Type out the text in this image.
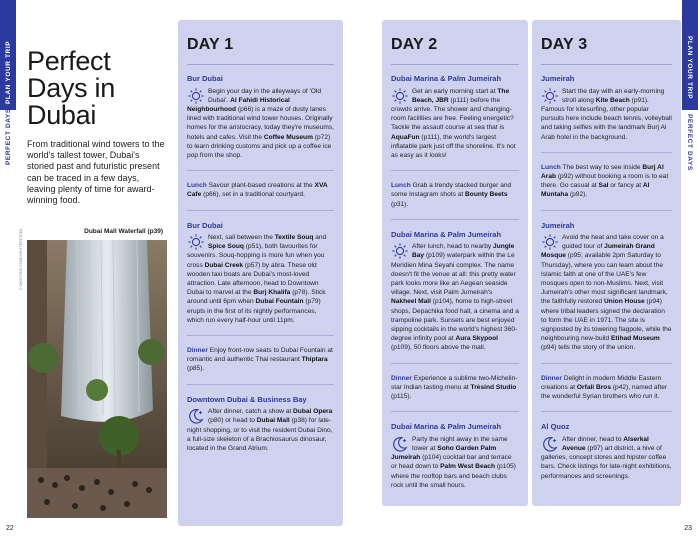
PLAN YOUR TRIP
PERFECT DAYS
PLAN YOUR TRIP
PERFECT DAYS
Perfect Days in Dubai

From traditional wind towers to the world's tallest tower, Dubai's storied past and futuristic present can be traced in a few days, leaving plenty of time for award-winning food.

Dubai Mall Waterfall (p39)
© SHOOTING STAR/SHUTTERSTOCK
22	23
DAY 1
Bur Dubai
Begin your day in the alleyways of 'Old Dubai'. Al Fahidi Historical Neighbourhood (p66) is a maze of dusty lanes lined with traditional wind tower houses. Originally homes for the aristocracy, today they're museums, hotels and cafes. Visit the Coffee Museum (p72) to learn drinking customs and pick up a coffee ice pop from the shop.
Lunch Savour plant-based creations at the XVA Cafe (p66), set in a traditional courtyard.
Bur Dubai
Next, sail between the Textile Souq and Spice Souq (p51), both favourites for souvenirs. Souq-hopping is more fun when you cross Dubai Creek (p57) by abra. These old wooden taxi boats are Dubai's most-loved attraction. Late afternoon, head to Downtown Dubai to marvel at the Burj Khalifa (p78). Stick around until 6pm when Dubai Fountain (p79) erupts in the first of its nightly performances, which run every half-hour until 11pm.
Dinner Enjoy front-row seats to Dubai Fountain at romantic and authentic Thai restaurant Thiptara (p85).
Downtown Dubai & Business Bay
After dinner, catch a show at Dubai Opera (p80) or head to Dubai Mall (p38) for late-night shopping, or to visit the resident Dubai Dino, a full-size skeleton of a Brachiosaurus dinosaur, located in the Grand Atrium.
DAY 2
Dubai Marina & Palm Jumeirah
Get an early morning start at The Beach, JBR (p111) before the crowds arrive. The shower and changing-room facilities are free. Feeling energetic? Tackle the assault course at sea that is AquaFun (p111), the world's largest inflatable park just off the shoreline. It's not as easy as it looks!
Lunch Grab a trendy stacked burger and some Instagram shots at Bounty Beets (p31).
Dubai Marina & Palm Jumeirah
After lunch, head to nearby Jungle Bay (p109) waterpark within the Le Meridien Mina Seyahi complex. The name doesn't fit the venue at all: this pretty water park looks more like an Aegean seaside village. Next, visit Palm Jumeirah's Nakheel Mall (p104), home to high-street shops, Depachika food hall, a cinema and a trampoline park. Sunsets are best enjoyed sipping cocktails in the world's highest 360-degree infinity pool at Aura Skypool (p109), 50 floors above the mall.
Dinner Experience a sublime two-Michelin-star Indian tasting menu at Trèsind Studio (p115).
Dubai Marina & Palm Jumeirah
Party the night away in the same tower at Soho Garden Palm Jumeirah (p104) cocktail bar and terrace or head down to Palm West Beach (p105) where the rooftop bars and beach clubs rock until the small hours.
DAY 3
Jumeirah
Start the day with an early-morning stroll along Kite Beach (p91). Famous for kitesurfing, other popular pursuits here include beach tennis, volleyball and taking selfies with the landmark Burj Al Arab hotel in the background.
Lunch The best way to see inside Burj Al Arab (p92) without booking a room is to eat there. Go casual at Sal or fancy at Al Muntaha (p92).
Jumeirah
Avoid the heat and take cover on a guided tour of Jumeirah Grand Mosque (p95; available 2pm Saturday to Thursday), where you can learn about the Islamic faith at one of the UAE's few mosques open to non-Muslims. Next, visit Jumeirah's other most significant landmark, the faithfully restored Union House (p94) where tribal leaders signed the declaration to form the UAE in 1971. The site is signposted by its towering flagpole, while the neighbouring new-build Etihad Museum (p94) tells the story of the union.
Dinner Delight in modern Middle Eastern creations at Orfali Bros (p42), named after the wonderful Syrian brothers who run it.
Al Quoz
After dinner, head to Alserkal Avenue (p97) art district, a hive of galleries, concept stores and hipster coffee bars. Check listings for late-night exhibitions, performances and screenings.
